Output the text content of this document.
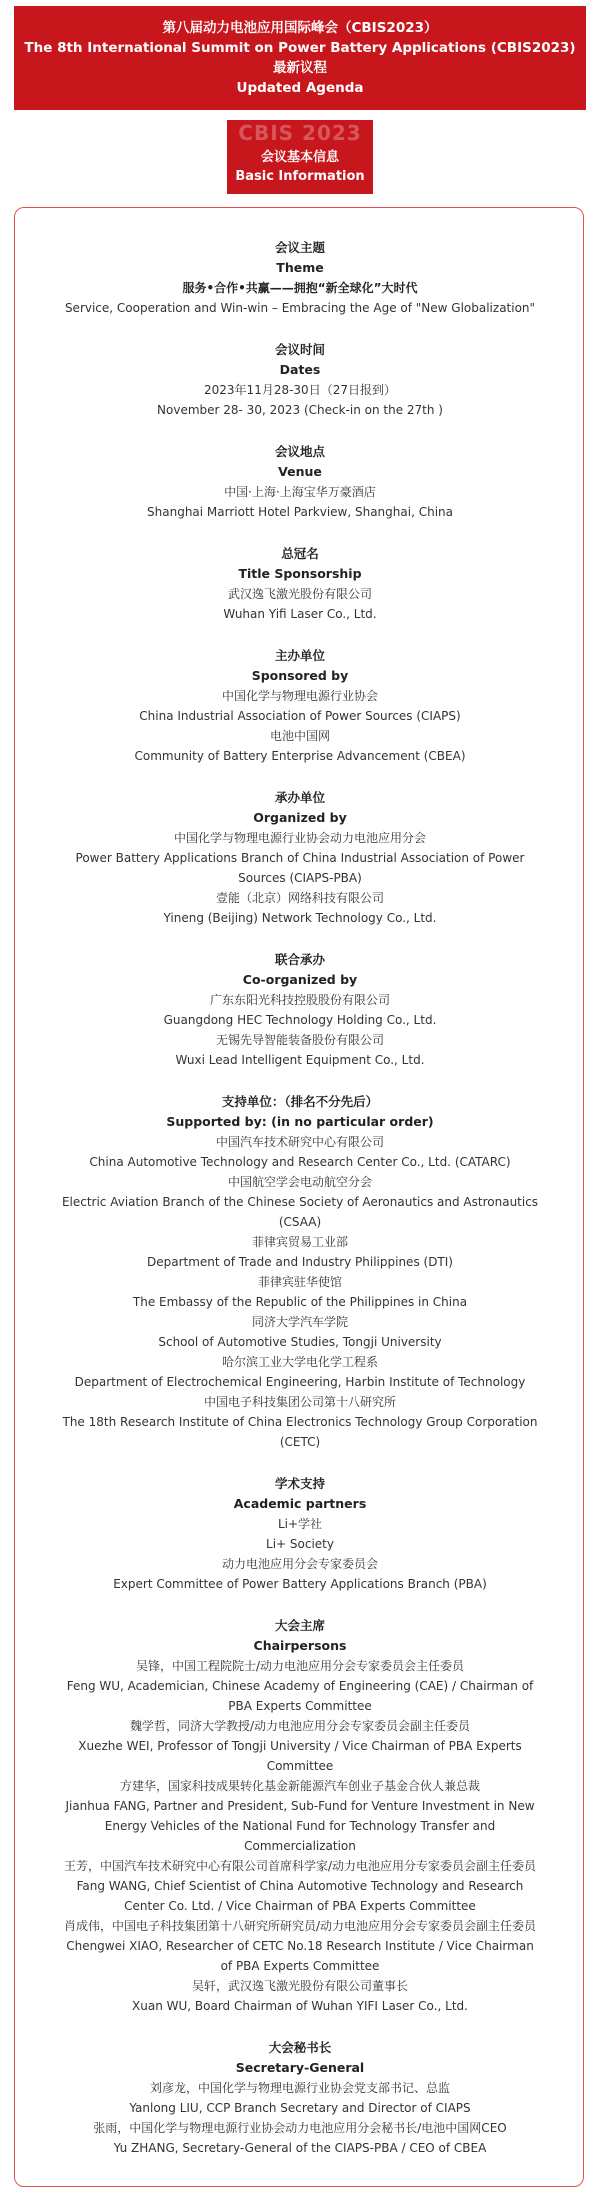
第八届动力电池应用国际峰会（CBIS2023）
The 8th International Summit on Power Battery Applications (CBIS2023)
最新议程
Updated Agenda
CBIS 2023
会议基本信息
Basic Information
会议主题
Theme
服务•合作•共赢——拥抱“新全球化”大时代
Service, Cooperation and Win-win – Embracing the Age of "New Globalization"
会议时间
Dates
2023年11月28-30日（27日报到）
November 28- 30, 2023 (Check-in on the 27th )
会议地点
Venue
中国·上海·上海宝华万豪酒店
Shanghai Marriott Hotel Parkview, Shanghai, China
总冠名
Title Sponsorship
武汉逸飞激光股份有限公司
Wuhan Yifi Laser Co., Ltd.
主办单位
Sponsored by
中国化学与物理电源行业协会
China Industrial Association of Power Sources (CIAPS)
电池中国网
Community of Battery Enterprise Advancement (CBEA)
承办单位
Organized by
中国化学与物理电源行业协会动力电池应用分会
Power Battery Applications Branch of China Industrial Association of Power
Sources (CIAPS-PBA)
壹能（北京）网络科技有限公司
Yineng (Beijing) Network Technology Co., Ltd.
联合承办
Co-organized by
广东东阳光科技控股股份有限公司
Guangdong HEC Technology Holding Co., Ltd.
无锡先导智能装备股份有限公司
Wuxi Lead Intelligent Equipment Co., Ltd.
支持单位：（排名不分先后）
Supported by: (in no particular order)
中国汽车技术研究中心有限公司
China Automotive Technology and Research Center Co., Ltd. (CATARC)
中国航空学会电动航空分会
Electric Aviation Branch of the Chinese Society of Aeronautics and Astronautics
(CSAA)
菲律宾贸易工业部
Department of Trade and Industry Philippines (DTI)
菲律宾驻华使馆
The Embassy of the Republic of the Philippines in China
同济大学汽车学院
School of Automotive Studies, Tongji University
哈尔滨工业大学电化学工程系
Department of Electrochemical Engineering, Harbin Institute of Technology
中国电子科技集团公司第十八研究所
The 18th Research Institute of China Electronics Technology Group Corporation
(CETC)
学术支持
Academic partners
Li+学社
Li+ Society
动力电池应用分会专家委员会
Expert Committee of Power Battery Applications Branch (PBA)
大会主席
Chairpersons
吴锋，中国工程院院士/动力电池应用分会专家委员会主任委员
Feng WU, Academician, Chinese Academy of Engineering (CAE) / Chairman of
PBA Experts Committee
魏学哲，同济大学教授/动力电池应用分会专家委员会副主任委员
Xuezhe WEI, Professor of Tongji University / Vice Chairman of PBA Experts
Committee
方建华，国家科技成果转化基金新能源汽车创业子基金合伙人兼总裁
Jianhua FANG, Partner and President, Sub-Fund for Venture Investment in New
Energy Vehicles of the National Fund for Technology Transfer and
Commercialization
王芳，中国汽车技术研究中心有限公司首席科学家/动力电池应用分专家委员会副主任委员
Fang WANG, Chief Scientist of China Automotive Technology and Research
Center Co. Ltd. / Vice Chairman of PBA Experts Committee
肖成伟，中国电子科技集团第十八研究所研究员/动力电池应用分会专家委员会副主任委员
Chengwei XIAO, Researcher of CETC No.18 Research Institute / Vice Chairman
of PBA Experts Committee
吴轩，武汉逸飞激光股份有限公司董事长
Xuan WU, Board Chairman of Wuhan YIFI Laser Co., Ltd.
大会秘书长
Secretary-General
刘彦龙，中国化学与物理电源行业协会党支部书记、总监
Yanlong LIU, CCP Branch Secretary and Director of CIAPS
张雨，中国化学与物理电源行业协会动力电池应用分会秘书长/电池中国网CEO
Yu ZHANG, Secretary-General of the CIAPS-PBA / CEO of CBEA
